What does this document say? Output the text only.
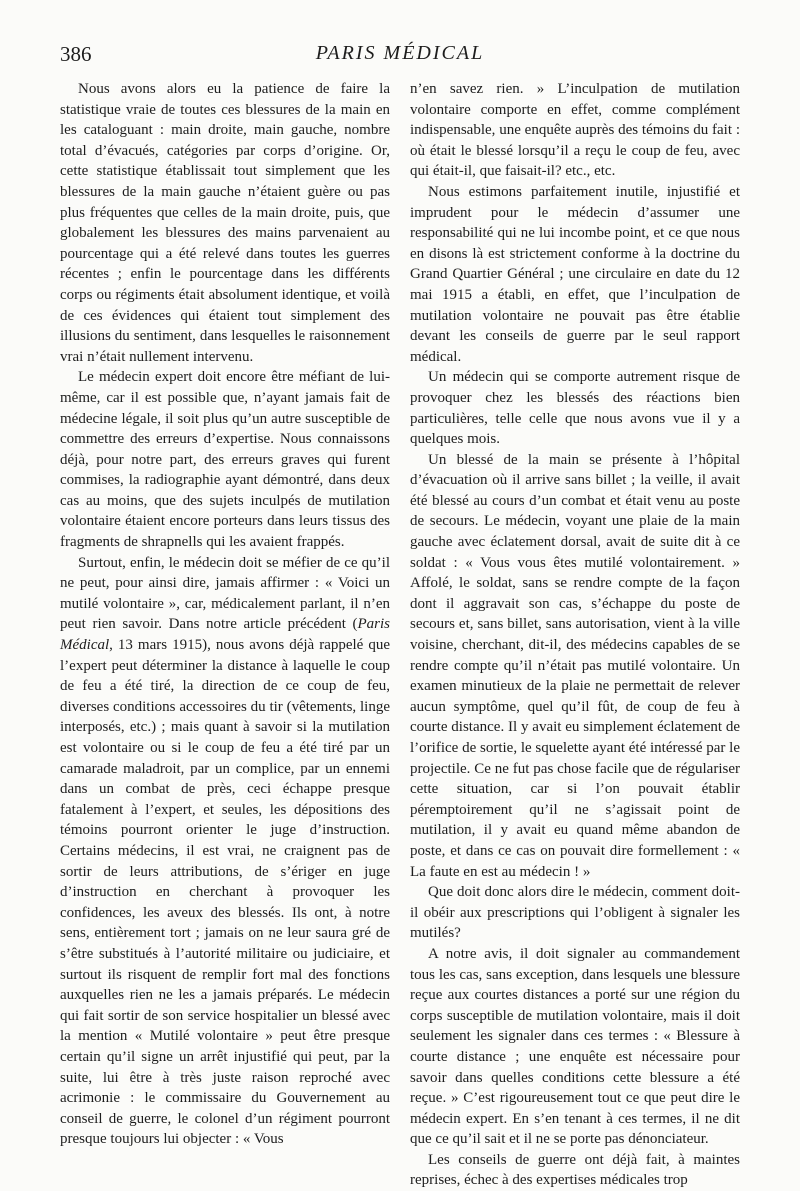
386	PARIS MÉDICAL

Nous avons alors eu la patience de faire la statistique vraie de toutes ces blessures de la main en les cataloguant : main droite, main gauche, nombre total d’évacués, catégories par corps d’origine. Or, cette statistique établissait tout simplement que les blessures de la main gauche n’étaient guère ou pas plus fréquentes que celles de la main droite, puis, que globalement les blessures des mains parvenaient au pourcentage qui a été relevé dans toutes les guerres récentes ; enfin le pourcentage dans les différents corps ou régiments était absolument identique, et voilà de ces évidences qui étaient tout simplement des illusions du sentiment, dans lesquelles le raisonnement vrai n’était nullement intervenu.

Le médecin expert doit encore être méfiant de lui-même, car il est possible que, n’ayant jamais fait de médecine légale, il soit plus qu’un autre susceptible de commettre des erreurs d’expertise. Nous connaissons déjà, pour notre part, des erreurs graves qui furent commises, la radiographie ayant démontré, dans deux cas au moins, que des sujets inculpés de mutilation volontaire étaient encore porteurs dans leurs tissus des fragments de shrapnells qui les avaient frappés.

Surtout, enfin, le médecin doit se méfier de ce qu’il ne peut, pour ainsi dire, jamais affirmer : « Voici un mutilé volontaire », car, médicalement parlant, il n’en peut rien savoir. Dans notre article précédent (Paris Médical, 13 mars 1915), nous avons déjà rappelé que l’expert peut déterminer la distance à laquelle le coup de feu a été tiré, la direction de ce coup de feu, diverses conditions accessoires du tir (vêtements, linge interposés, etc.) ; mais quant à savoir si la mutilation est volontaire ou si le coup de feu a été tiré par un camarade maladroit, par un complice, par un ennemi dans un combat de près, ceci échappe presque fatalement à l’expert, et seules, les dépositions des témoins pourront orienter le juge d’instruction. Certains médecins, il est vrai, ne craignent pas de sortir de leurs attributions, de s’ériger en juge d’instruction en cherchant à provoquer les confidences, les aveux des blessés. Ils ont, à notre sens, entièrement tort ; jamais on ne leur saura gré de s’être substitués à l’autorité militaire ou judiciaire, et surtout ils risquent de remplir fort mal des fonctions auxquelles rien ne les a jamais préparés. Le médecin qui fait sortir de son service hospitalier un blessé avec la mention « Mutilé volontaire » peut être presque certain qu’il signe un arrêt injustifié qui peut, par la suite, lui être à très juste raison reproché avec acrimonie : le commissaire du Gouvernement au conseil de guerre, le colonel d’un régiment pourront presque toujours lui objecter : « Vous

n’en savez rien. » L’inculpation de mutilation volontaire comporte en effet, comme complément indispensable, une enquête auprès des témoins du fait : où était le blessé lorsqu’il a reçu le coup de feu, avec qui était-il, que faisait-il? etc., etc.

Nous estimons parfaitement inutile, injustifié et imprudent pour le médecin d’assumer une responsabilité qui ne lui incombe point, et ce que nous en disons là est strictement conforme à la doctrine du Grand Quartier Général ; une circulaire en date du 12 mai 1915 a établi, en effet, que l’inculpation de mutilation volontaire ne pouvait pas être établie devant les conseils de guerre par le seul rapport médical.

Un médecin qui se comporte autrement risque de provoquer chez les blessés des réactions bien particulières, telle celle que nous avons vue il y a quelques mois.

Un blessé de la main se présente à l’hôpital d’évacuation où il arrive sans billet ; la veille, il avait été blessé au cours d’un combat et était venu au poste de secours. Le médecin, voyant une plaie de la main gauche avec éclatement dorsal, avait de suite dit à ce soldat : « Vous vous êtes mutilé volontairement. » Affolé, le soldat, sans se rendre compte de la façon dont il aggravait son cas, s’échappe du poste de secours et, sans billet, sans autorisation, vient à la ville voisine, cherchant, dit-il, des médecins capables de se rendre compte qu’il n’était pas mutilé volontaire. Un examen minutieux de la plaie ne permettait de relever aucun symptôme, quel qu’il fût, de coup de feu à courte distance. Il y avait eu simplement éclatement de l’orifice de sortie, le squelette ayant été intéressé par le projectile. Ce ne fut pas chose facile que de régulariser cette situation, car si l’on pouvait établir péremptoirement qu’il ne s’agissait point de mutilation, il y avait eu quand même abandon de poste, et dans ce cas on pouvait dire formellement : « La faute en est au médecin ! »

Que doit donc alors dire le médecin, comment doit-il obéir aux prescriptions qui l’obligent à signaler les mutilés?

A notre avis, il doit signaler au commandement tous les cas, sans exception, dans lesquels une blessure reçue aux courtes distances a porté sur une région du corps susceptible de mutilation volontaire, mais il doit seulement les signaler dans ces termes : « Blessure à courte distance ; une enquête est nécessaire pour savoir dans quelles conditions cette blessure a été reçue. » C’est rigoureusement tout ce que peut dire le médecin expert. En s’en tenant à ces termes, il ne dit que ce qu’il sait et il ne se porte pas dénonciateur.

Les conseils de guerre ont déjà fait, à maintes reprises, échec à des expertises médicales trop
